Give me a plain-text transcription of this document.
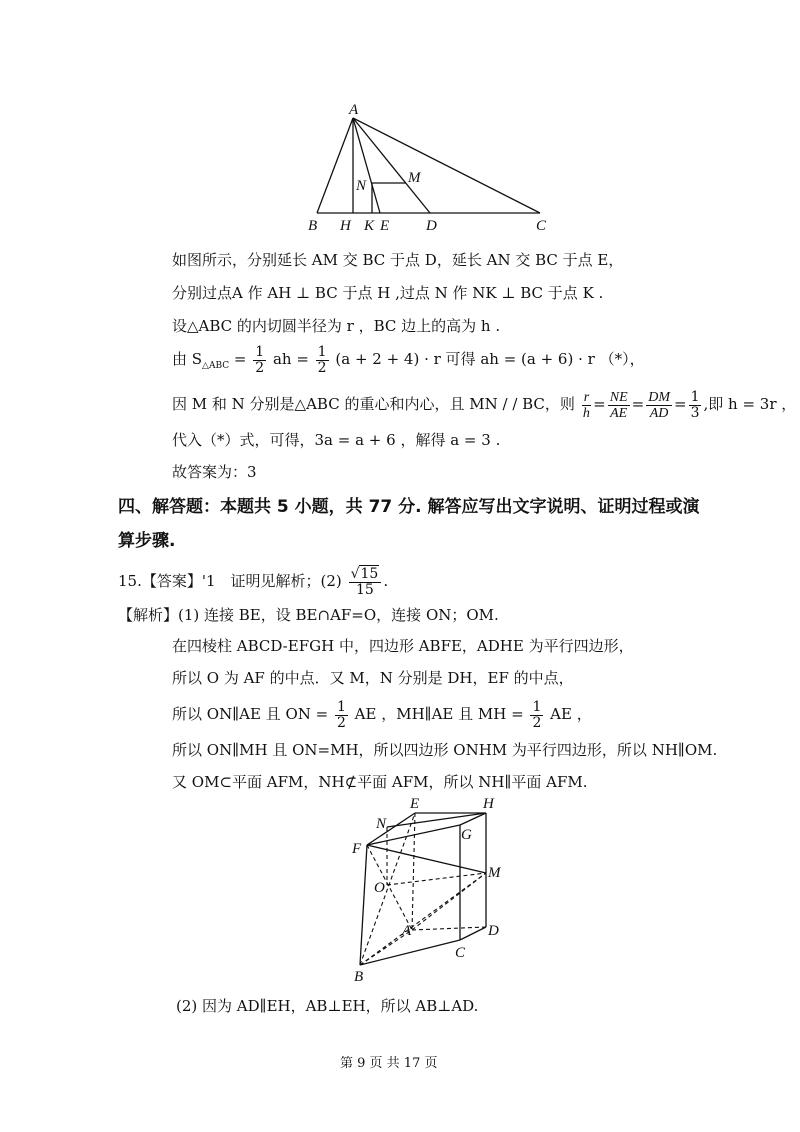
A
B H K E D	C
N	M
如图所示，分别延长 AM 交 BC 于点 D，延长 AN 交 BC 于点 E，
分别过点A 作 AH ⊥ BC 于点 H ,过点 N 作 NK ⊥ BC 于点 K .
设△ABC 的内切圆半径为 r ，BC 边上的高为 h .
由 $S_{\triangle ABC} = \frac{1}{2}$ ah = $\frac{1}{2} (a + 2 + 4) \cdot r$ 可得 ah = (a + 6) · r （*），
因 M 和 N 分别是△ABC 的重心和内心，且 MN / / BC，则 $\frac{r}{h} = \frac{NE}{AE} = \frac{DM}{AD} = \frac{1}{3}$ ,即 h = 3r ，
代入（*）式，可得，3a = a + 6 ，解得 a = 3 .
故答案为：3
四、解答题：本题共 5 小题，共 77 分. 解答应写出文字说明、证明过程或演
算步骤.
15.【答案】'1　证明见解析；$(2) \frac{√15}{15}$ .
【解析】(1) 连接 BE，设 BE∩AF=O，连接 ON；OM.
在四棱柱 ABCD-EFGH 中，四边形 ABFE，ADHE 为平行四边形，
所以 O 为 AF 的中点．又 M，N 分别是 DH，EF 的中点，
所以 ON∥AE 且 ON = $\frac{1}{2}$ AE ，MH∥AE 且 MH = $\frac{1}{2}$ AE ，
所以 ON∥MH 且 ON=MH，所以四边形 ONHM 为平行四边形，所以 NH∥OM.
又 OM⊂平面 AFM，NH⊄平面 AFM，所以 NH∥平面 AFM.
E	H
N
G
F
M
O
A	D
C
B
(2) 因为 AD∥EH，AB⊥EH，所以 AB⊥AD.
第 9 页 共 17 页
